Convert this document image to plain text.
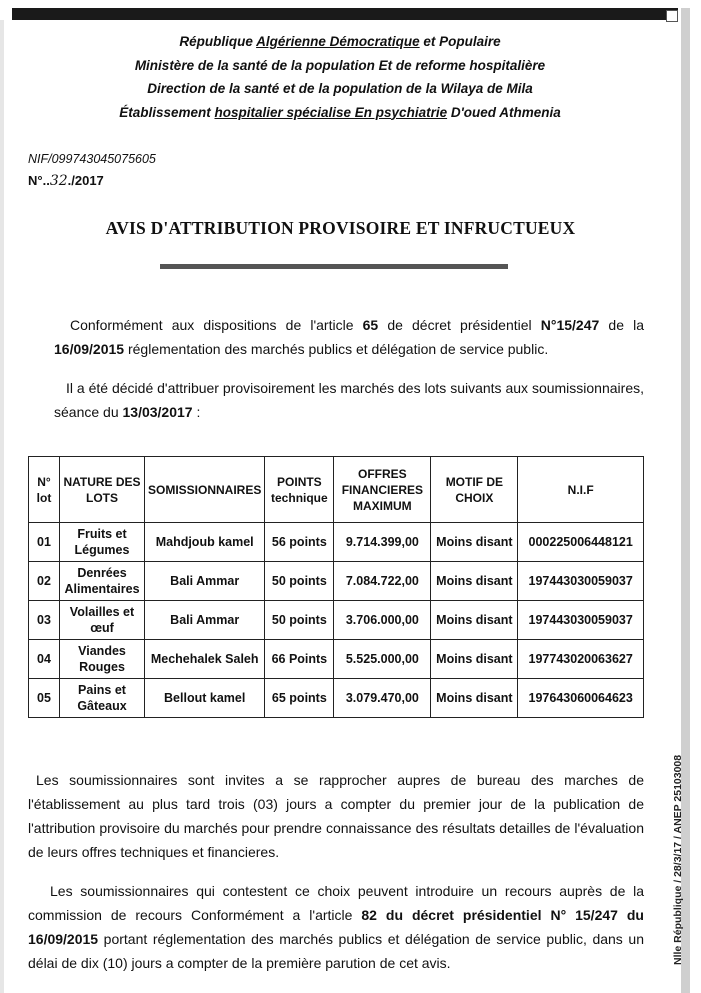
République Algérienne Démocratique et Populaire
Ministère de la santé de la population Et de reforme hospitalière
Direction de la santé et de la population de la Wilaya de Mila
Établissement hospitalier spécialise En psychiatrie D'oued Athmenia
NIF/099743045075605
N°..32./2017
AVIS D'ATTRIBUTION PROVISOIRE ET INFRUCTUEUX
Conformément aux dispositions de l'article 65 de décret présidentiel N°15/247 de la 16/09/2015 réglementation des marchés publics et délégation de service public.
Il a été décidé d'attribuer provisoirement les marchés des lots suivants aux soumissionnaires, séance du 13/03/2017 :
N° lot	NATURE DES LOTS	SOMISSIONNAIRES	POINTS technique	OFFRES FINANCIERES MAXIMUM	MOTIF DE CHOIX	N.I.F
01	Fruits et Légumes	Mahdjoub kamel	56 points	9.714.399,00	Moins disant	000225006448121
02	Denrées Alimentaires	Bali Ammar	50 points	7.084.722,00	Moins disant	197443030059037
03	Volailles et œuf	Bali Ammar	50 points	3.706.000,00	Moins disant	197443030059037
04	Viandes Rouges	Mechehalek Saleh	66 Points	5.525.000,00	Moins disant	197743020063627
05	Pains et Gâteaux	Bellout kamel	65 points	3.079.470,00	Moins disant	197643060064623
Les soumissionnaires sont invites a se rapprocher aupres de bureau des marches de l'établissement au plus tard trois (03) jours a compter du premier jour de la publication de l'attribution provisoire du marchés pour prendre connaissance des résultats detailles de l'évaluation de leurs offres techniques et financieres.
Les soumissionnaires qui contestent ce choix peuvent introduire un recours auprès de la commission de recours Conformément a l'article 82 du décret présidentiel N° 15/247 du 16/09/2015 portant réglementation des marchés publics et délégation de service public, dans un délai de dix (10) jours a compter de la première parution de cet avis.	Nlle République / 28/3/17 / ANEP 25103008
